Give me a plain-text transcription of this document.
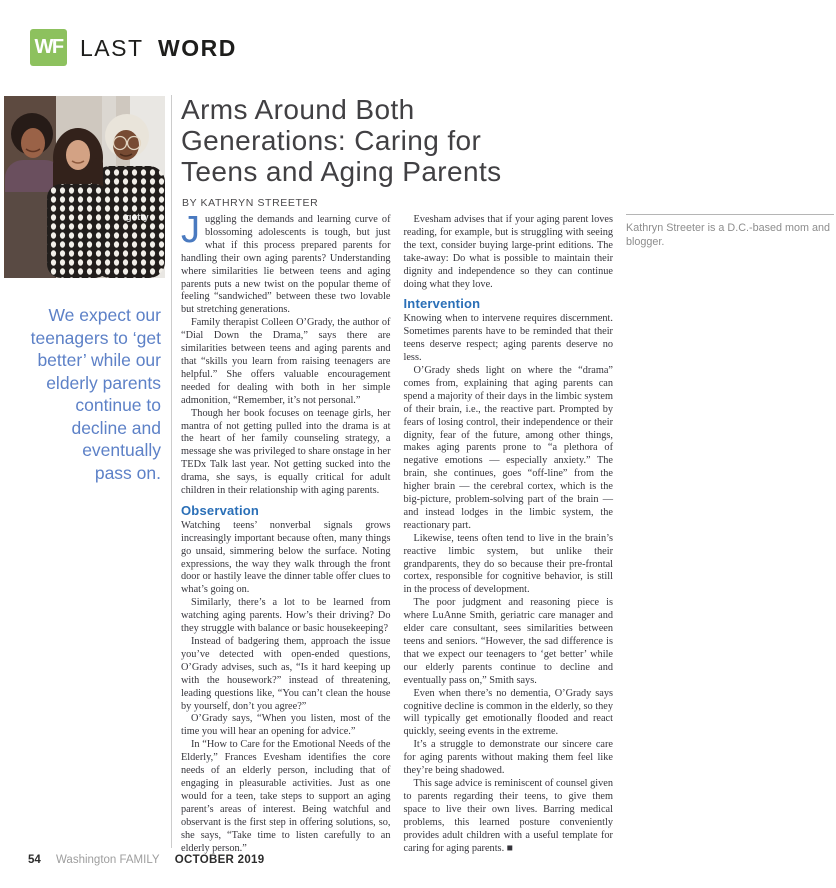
WF LAST WORD
getty
We expect our
teenagers to ‘get
better’ while our
elderly parents
continue to
decline and
eventually
pass on.
Arms Around Both
Generations: Caring for
Teens and Aging Parents
BY KATHRYN STREETER

Juggling the demands and learning curve of blossoming adolescents is tough, but just what if this process prepared parents for handling their own aging parents? Understanding where similarities lie between teens and aging parents puts a new twist on the popular theme of feeling “sandwiched” between these two lovable but stretching generations.

Family therapist Colleen O’Grady, the author of “Dial Down the Drama,” says there are similarities between teens and aging parents and that “skills you learn from raising teenagers are helpful.” She offers valuable encouragement needed for dealing with both in her simple admonition, “Remember, it’s not personal.”

Though her book focuses on teenage girls, her mantra of not getting pulled into the drama is at the heart of her family counseling strategy, a message she was privileged to share onstage in her TEDx Talk last year. Not getting sucked into the drama, she says, is equally critical for adult children in their relationship with aging parents.

Observation

Watching teens’ nonverbal signals grows increasingly important because often, many things go unsaid, simmering below the surface. Noting expressions, the way they walk through the front door or hastily leave the dinner table offer clues to what’s going on.

Similarly, there’s a lot to be learned from watching aging parents. How’s their driving? Do they struggle with balance or basic housekeeping?

Instead of badgering them, approach the issue you’ve detected with open-ended questions, O’Grady advises, such as, “Is it hard keeping up with the housework?” instead of threatening, leading questions like, “You can’t clean the house by yourself, don’t you agree?”

O’Grady says, “When you listen, most of the time you will hear an opening for advice.”

In “How to Care for the Emotional Needs of the Elderly,” Frances Evesham identifies the core needs of an elderly person, including that of engaging in pleasurable activities. Just as one would for a teen, take steps to support an aging parent’s areas of interest. Being watchful and observant is the first step in offering solutions, so, she says, “Take time to listen carefully to an elderly person.”

Evesham advises that if your aging parent loves reading, for example, but is struggling with seeing the text, consider buying large-print editions. The take-away: Do what is possible to maintain their dignity and independence so they can continue doing what they love.

Intervention

Knowing when to intervene requires discernment. Sometimes parents have to be reminded that their teens deserve respect; aging parents deserve no less.

O’Grady sheds light on where the “drama” comes from, explaining that aging parents can spend a majority of their days in the limbic system of their brain, i.e., the reactive part. Prompted by fears of losing control, their independence or their dignity, fear of the future, among other things, makes aging parents prone to “a plethora of negative emotions — especially anxiety.” The brain, she continues, goes “off-line” from the higher brain — the cerebral cortex, which is the big-picture, problem-solving part of the brain — and instead lodges in the limbic system, the reactionary part.

Likewise, teens often tend to live in the brain’s reactive limbic system, but unlike their grandparents, they do so because their pre-frontal cortex, responsible for cognitive behavior, is still in the process of development.

The poor judgment and reasoning piece is where LuAnne Smith, geriatric care manager and elder care consultant, sees similarities between teens and seniors. “However, the sad difference is that we expect our teenagers to ‘get better’ while our elderly parents continue to decline and eventually pass on,” Smith says.

Even when there’s no dementia, O’Grady says cognitive decline is common in the elderly, so they will typically get emotionally flooded and react quickly, seeing events in the extreme.

It’s a struggle to demonstrate our sincere care for aging parents without making them feel like they’re being shadowed.

This sage advice is reminiscent of counsel given to parents regarding their teens, to give them space to live their own lives. Barring medical problems, this learned posture conveniently provides adult children with a useful template for caring for aging parents. ■

Kathryn Streeter is a D.C.-based mom and blogger.
54 Washington FAMILY OCTOBER 2019
